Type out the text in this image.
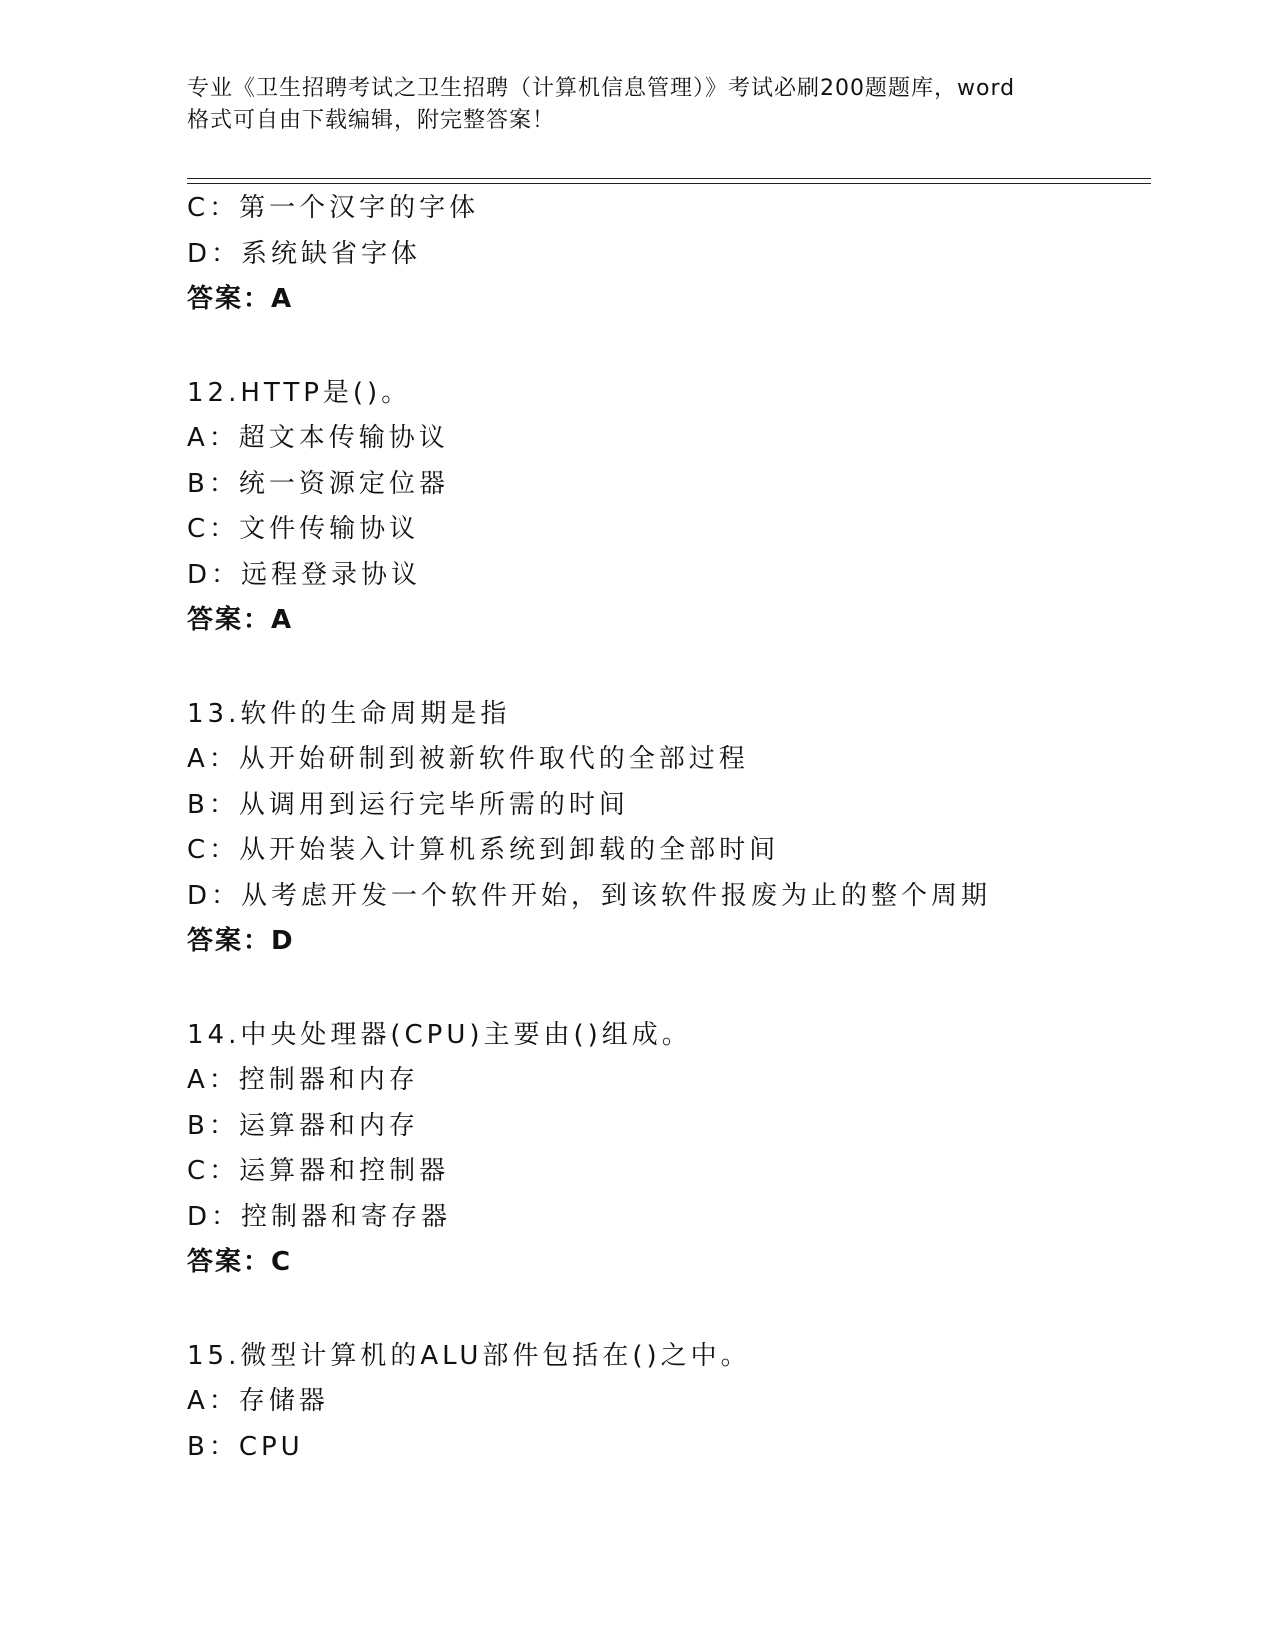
专业《卫生招聘考试之卫生招聘（计算机信息管理）》考试必刷200题题库，word
格式可自由下载编辑，附完整答案！
C：第一个汉字的字体
D：系统缺省字体
答案：A
12.HTTP是()。
A：超文本传输协议
B：统一资源定位器
C：文件传输协议
D：远程登录协议
答案：A
13.软件的生命周期是指
A：从开始研制到被新软件取代的全部过程
B：从调用到运行完毕所需的时间
C：从开始装入计算机系统到卸载的全部时间
D：从考虑开发一个软件开始，到该软件报废为止的整个周期
答案：D
14.中央处理器(CPU)主要由()组成。
A：控制器和内存
B：运算器和内存
C：运算器和控制器
D：控制器和寄存器
答案：C
15.微型计算机的ALU部件包括在()之中。
A：存储器
B：CPU
